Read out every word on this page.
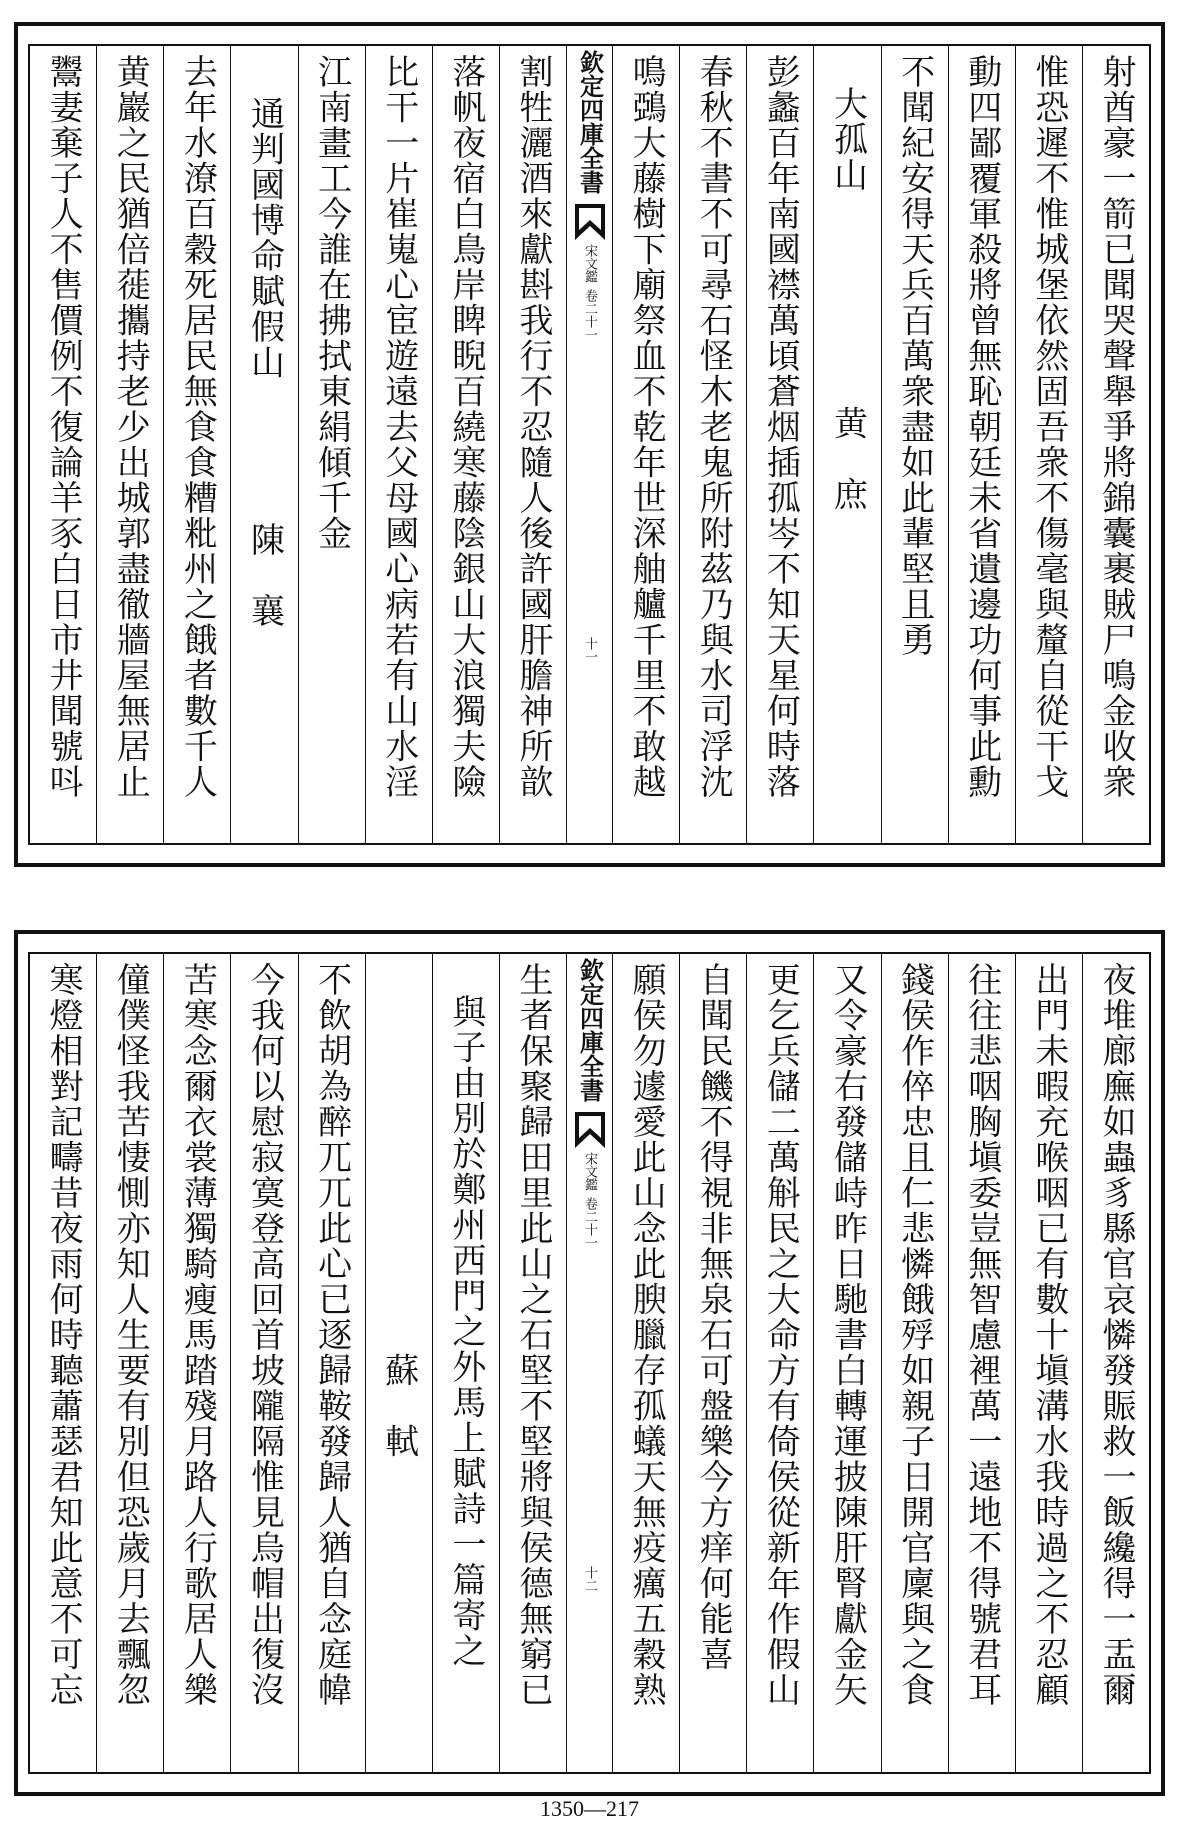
射酋豪一箭已聞哭聲舉爭將錦囊裹賊尸鳴金收衆
惟恐遲不惟城堡依然固吾衆不傷毫與釐自從干戈
動四鄙覆軍殺將曾無恥朝廷未省遺邊功何事此勳
不聞紀安得天兵百萬衆盡如此輩堅且勇
大孤山　　　　　　黄　庶
彭蠡百年南國襟萬頃蒼烟插孤岑不知天星何時落
春秋不書不可尋石怪木老鬼所附茲乃與水司浮沈
鳴鵶大藤樹下廟祭血不乾年世深舳艫千里不敢越
欽定四庫全書
宋文鑑
卷二十一
十一
割牲灑酒來獻斟我行不忍隨人後許國肝膽神所歆
落帆夜宿白鳥岸睥睨百繞寒藤陰銀山大浪獨夫險
比干一片崔嵬心宦遊遠去父母國心病若有山水淫
江南畫工今誰在拂拭東絹傾千金
通判國博命賦假山　　　　陳　襄
去年水潦百穀死居民無食食糟粃州之餓者數千人
黄巖之民猶倍蓰攜持老少出城郭盡徹牆屋無居止
鬻妻棄子人不售價例不復論羊豕白日市井聞號呌
夜堆廊廡如蟲豸縣官哀憐發賑救一飯纔得一盂爾
出門未暇充喉咽已有數十塡溝水我時過之不忍顧
往往悲咽胸塡委豈無智慮裡萬一遠地不得號君耳
錢侯作倅忠且仁悲憐餓殍如親子日開官廩與之食
又令豪右發儲峙昨日馳書白轉運披陳肝腎獻金矢
更乞兵儲二萬斛民之大命方有倚侯從新年作假山
自聞民饑不得視非無泉石可盤樂今方痒何能喜
願侯勿遽愛此山念此腴臘存孤蟻天無疫癘五穀熟
欽定四庫全書
宋文鑑
卷二十一
十二
生者保聚歸田里此山之石堅不堅將與侯德無窮已
與子由別於鄭州西門之外馬上賦詩一篇寄之
　　　　　　　　　　　蘇　軾
不飲胡為醉兀兀此心已逐歸鞍發歸人猶自念庭幃
今我何以慰寂寞登高回首坡隴隔惟見烏帽出復沒
苦寒念爾衣裳薄獨騎瘦馬踏殘月路人行歌居人樂
僮僕怪我苦悽惻亦知人生要有別但恐歲月去飄忽
寒燈相對記疇昔夜雨何時聽蕭瑟君知此意不可忘
1350—217
